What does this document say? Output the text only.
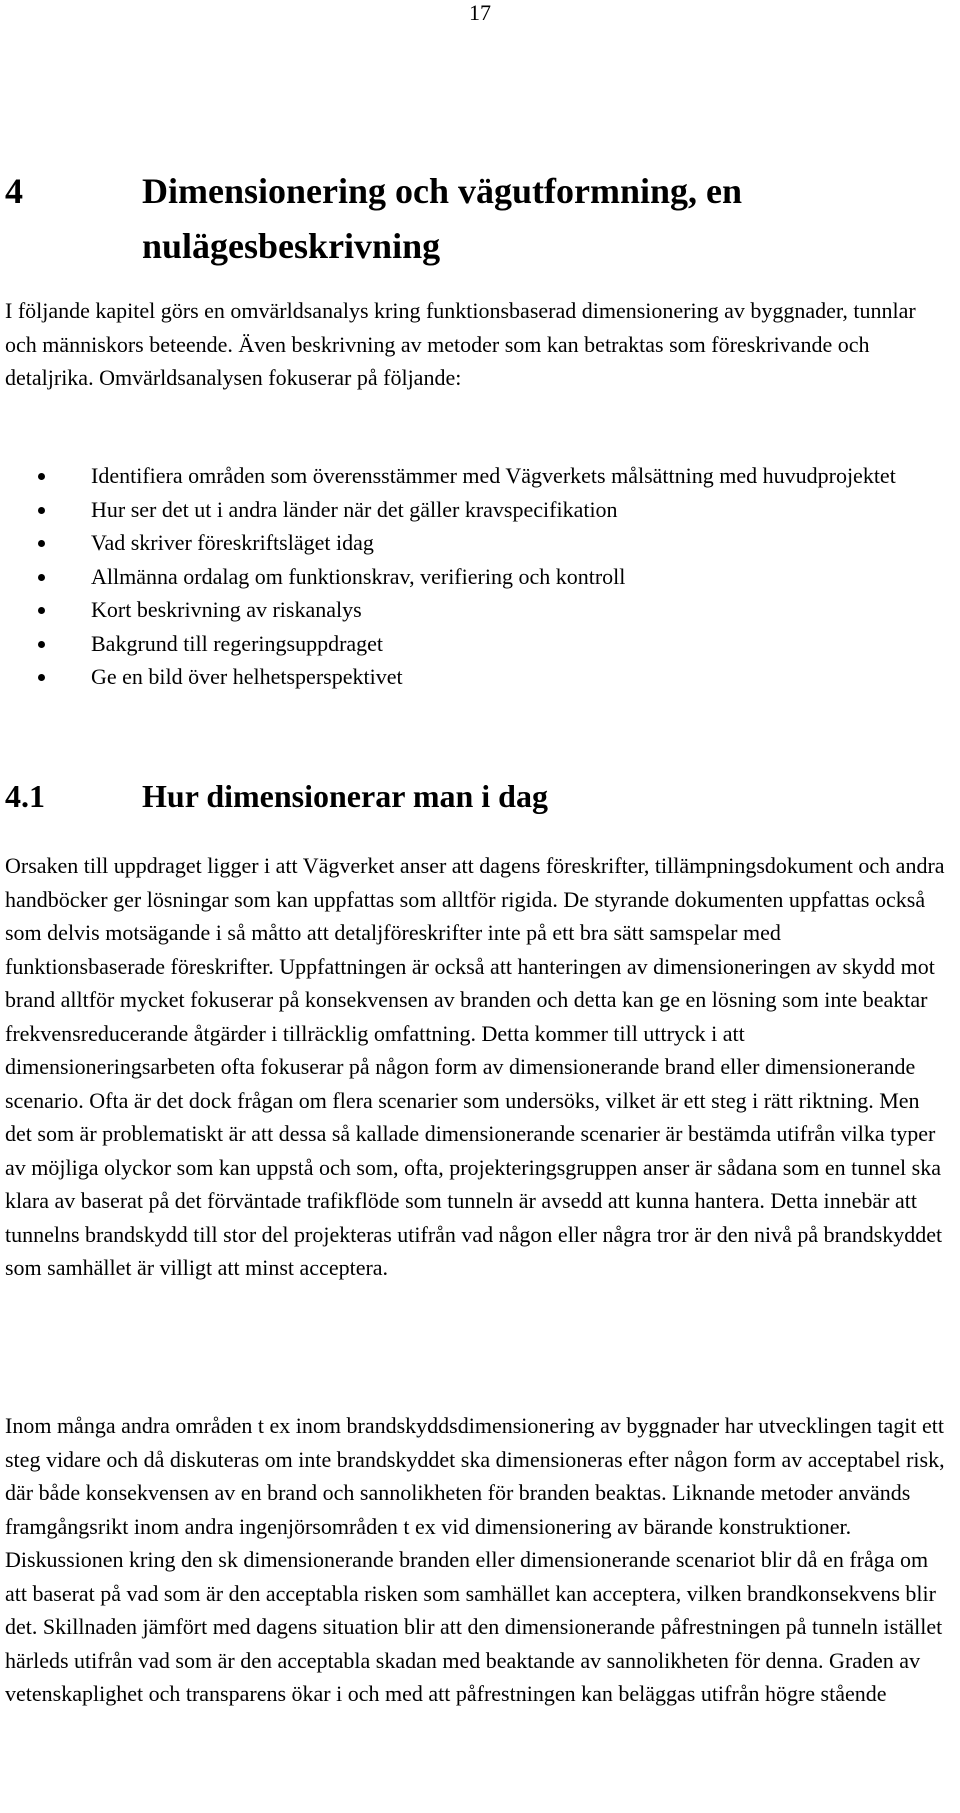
17
4	Dimensionering och vägutformning, en nulägesbeskrivning

I följande kapitel görs en omvärldsanalys kring funktionsbaserad dimensionering av byggnader, tunnlar och människors beteende. Även beskrivning av metoder som kan betraktas som föreskrivande och detaljrika. Omvärldsanalysen fokuserar på följande:

Identifiera områden som överensstämmer med Vägverkets målsättning med huvudprojektet
Hur ser det ut i andra länder när det gäller kravspecifikation
Vad skriver föreskriftsläget idag
Allmänna ordalag om funktionskrav, verifiering och kontroll
Kort beskrivning av riskanalys
Bakgrund till regeringsuppdraget
Ge en bild över helhetsperspektivet
4.1	Hur dimensionerar man i dag

Orsaken till uppdraget ligger i att Vägverket anser att dagens föreskrifter, tillämpningsdokument och andra handböcker ger lösningar som kan uppfattas som alltför rigida. De styrande dokumenten uppfattas också som delvis motsägande i så måtto att detaljföreskrifter inte på ett bra sätt samspelar med funktionsbaserade föreskrifter. Uppfattningen är också att hanteringen av dimensioneringen av skydd mot brand alltför mycket fokuserar på konsekvensen av branden och detta kan ge en lösning som inte beaktar frekvensreducerande åtgärder i tillräcklig omfattning. Detta kommer till uttryck i att dimensioneringsarbeten ofta fokuserar på någon form av dimensionerande brand eller dimensionerande scenario. Ofta är det dock frågan om flera scenarier som undersöks, vilket är ett steg i rätt riktning. Men det som är problematiskt är att dessa så kallade dimensionerande scenarier är bestämda utifrån vilka typer av möjliga olyckor som kan uppstå och som, ofta, projekteringsgruppen anser är sådana som en tunnel ska klara av baserat på det förväntade trafikflöde som tunneln är avsedd att kunna hantera. Detta innebär att tunnelns brandskydd till stor del projekteras utifrån vad någon eller några tror är den nivå på brandskyddet som samhället är villigt att minst acceptera.

Inom många andra områden t ex inom brandskyddsdimensionering av byggnader har utvecklingen tagit ett steg vidare och då diskuteras om inte brandskyddet ska dimensioneras efter någon form av acceptabel risk, där både konsekvensen av en brand och sannolikheten för branden beaktas. Liknande metoder används framgångsrikt inom andra ingenjörsområden t ex vid dimensionering av bärande konstruktioner. Diskussionen kring den sk dimensionerande branden eller dimensionerande scenariot blir då en fråga om att baserat på vad som är den acceptabla risken som samhället kan acceptera, vilken brandkonsekvens blir det. Skillnaden jämfört med dagens situation blir att den dimensionerande påfrestningen på tunneln istället härleds utifrån vad som är den acceptabla skadan med beaktande av sannolikheten för denna. Graden av vetenskaplighet och transparens ökar i och med att påfrestningen kan beläggas utifrån högre stående
